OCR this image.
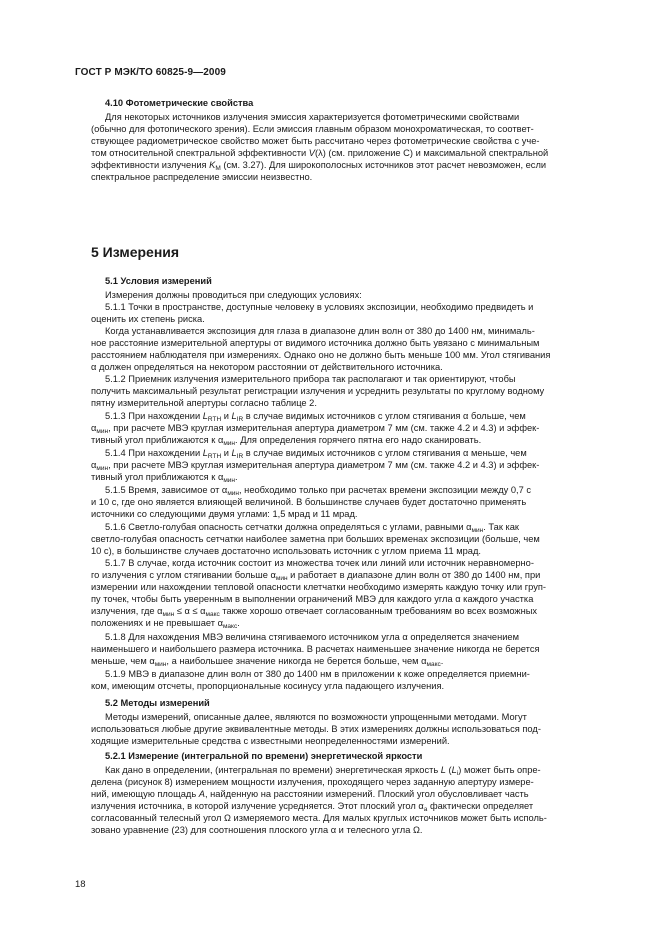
ГОСТ Р МЭК/ТО 60825-9—2009
4.10 Фотометрические свойства
Для некоторых источников излучения эмиссия характеризуется фотометрическими свойствами
(обычно для фотопического зрения). Если эмиссия главным образом монохроматическая, то соответ-
ствующее радиометрическое свойство может быть рассчитано через фотометрические свойства с уче-
том относительной спектральной эффективности V(λ) (см. приложение С) и максимальной спектральной
эффективности излучения $K_M$ (см. 3.27). Для широкополосных источников этот расчет невозможен, если
спектральное распределение эмиссии неизвестно.
5 Измерения
5.1 Условия измерений
Измерения должны проводиться при следующих условиях:
5.1.1 Точки в пространстве, доступные человеку в условиях экспозиции, необходимо предвидеть и
оценить их степень риска.
Когда устанавливается экспозиция для глаза в диапазоне длин волн от 380 до 1400 нм, минималь-
ное расстояние измерительной апертуры от видимого источника должно быть увязано с минимальным
расстоянием наблюдателя при измерениях. Однако оно не должно быть меньше 100 мм. Угол стягивания
α должен определяться на некотором расстоянии от действительного источника.
5.1.2 Приемник излучения измерительного прибора так располагают и так ориентируют, чтобы
получить максимальный результат регистрации излучения и усреднить результаты по круглому водному
пятну измерительной апертуры согласно таблице 2.
5.1.3 При нахождении $L_{RTH}$ и $L_{IR}$ в случае видимых источников с углом стягивания α больше, чем
$\alpha_{мин}$, при расчете МВЭ круглая измерительная апертура диаметром 7 мм (см. также 4.2 и 4.3) и эффек-
тивный угол приближаются к $\alpha_{мин}$. Для определения горячего пятна его надо сканировать.
5.1.4 При нахождении $L_{RTH}$ и $L_{IR}$ в случае видимых источников с углом стягивания α меньше, чем
$\alpha_{мин}$, при расчете МВЭ круглая измерительная апертура диаметром 7 мм (см. также 4.2 и 4.3) и эффек-
тивный угол приближаются к $\alpha_{мин}$.
5.1.5 Время, зависимое от $\alpha_{мин}$, необходимо только при расчетах времени экспозиции между 0,7 с
и 10 с, где оно является влияющей величиной. В большинстве случаев будет достаточно применять
источники со следующими двумя углами: 1,5 мрад и 11 мрад.
5.1.6 Светло-голубая опасность сетчатки должна определяться с углами, равными $\alpha_{мин}$. Так как
светло-голубая опасность сетчатки наиболее заметна при больших временах экспозиции (больше, чем
10 с), в большинстве случаев достаточно использовать источник с углом приема 11 мрад.
5.1.7 В случае, когда источник состоит из множества точек или линий или источник неравномерно-
го излучения с углом стягивании больше $\alpha_{мин}$ и работает в диапазоне длин волн от 380 до 1400 нм, при
измерении или нахождении тепловой опасности клетчатки необходимо измерять каждую точку или груп-
пу точек, чтобы быть уверенным в выполнении ограничений МВЭ для каждого угла α каждого участка
излучения, где $\alpha_{мин} \le \alpha \le \alpha_{макс}$ также хорошо отвечает согласованным требованиям во всех возможных
положениях и не превышает $\alpha_{макс}$.
5.1.8 Для нахождения МВЭ величина стягиваемого источником угла α определяется значением
наименьшего и наибольшего размера источника. В расчетах наименьшее значение никогда не берется
меньше, чем $\alpha_{мин}$, а наибольшее значение никогда не берется больше, чем $\alpha_{макс}$.
5.1.9 МВЭ в диапазоне длин волн от 380 до 1400 нм в приложении к коже определяется приемни-
ком, имеющим отсчеты, пропорциональные косинусу угла падающего излучения.
5.2 Методы измерений
Методы измерений, описанные далее, являются по возможности упрощенными методами. Могут
использоваться любые другие эквивалентные методы. В этих измерениях должны использоваться под-
ходящие измерительные средства с известными неопределенностями измерений.
5.2.1 Измерение (интегральной по времени) энергетической яркости
Как дано в определении, (интегральная по времени) энергетическая яркость L $(L_i)$ может быть опре-
делена (рисунок 8) измерением мощности излучения, проходящего через заданную апертуру измере-
ний, имеющую площадь A, найденную на расстоянии измерений. Плоский угол обусловливает часть
излучения источника, в которой излучение усредняется. Этот плоский угол $\alpha_a$ фактически определяет
согласованный телесный угол Ω измеряемого места. Для малых круглых источников может быть исполь-
зовано уравнение (23) для соотношения плоского угла α и телесного угла Ω.
18
